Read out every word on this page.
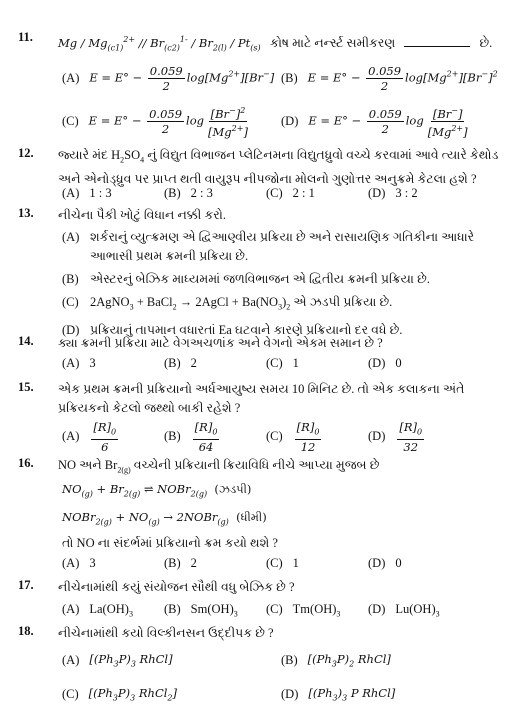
11. Mg / $Mg_{(c1)}^{2+} // Br_{(c2)}^{1-} / Br_{2(l)} / Pt_{(s)}$   કોષ માટે નર્ન્સ્ટ સમીકરણ	છે.
(A) $E = E^\circ - \frac{0.059}{2} \log[Mg^{2+}][Br^-]$ (B) $E = E^\circ - \frac{0.059}{2} \log[Mg^{2+}][Br^-]^2$
(C) $E = E^\circ - \frac{0.059}{2}$ $\log \frac{[Br^-]^2}{[Mg^{2+}]} (D) E = E^\circ - \frac{0.059}{2}$ $\log \frac{[Br^-]}{[Mg^{2+}]}$
12. જ્યારે મંદ $H_2SO_4$ નું વિદ્યુત વિભાજન પ્લેટિનમના વિદ્યુતધ્રુવો વચ્ચે કરવામાં આવે ત્યારે કેથોડ અને એનોડ્ધ્રુવ પર પ્રાપ્ત થતી વાયુરૂપ નીપજોના મોલનો ગુણોત્તર અનુક્રમે કેટલા હશે ?
(A) 1 : 3	(B) 2 : 3	(C) 2 : 1	(D) 3 : 2
13. નીચેના પૈકી ખોટું વિધાન નક્કી કરો.
(A) શર્કરાનું વ્યુત્ક્રમણ એ દ્વિઆણ્વીય પ્રક્રિયા છે અને રાસાયણિક ગતિકીના આધારે આભાસી પ્રથમ ક્રમની પ્રક્રિયા છે.
(B) એસ્ટરનું બેઝિક માધ્યમમાં જળવિભાજન એ દ્વિતીય ક્રમની પ્રક્રિયા છે.
(C) 2AgNO$_3$ + BaCl$_2$ → 2AgCl + $Ba(NO_3)_2$ એ ઝડપી પ્રક્રિયા છે.
(D) પ્રક્રિયાનું તાપમાન વધારતાં Ea ઘટવાને કારણે પ્રક્રિયાનો દર વધે છે.
14. ક્યા ક્રમની પ્રક્રિયા માટે વેગઅચળાંક અને વેગનો એકમ સમાન છે ?
(A) 3	(B) 2	(C) 1	(D) 0
15. એક પ્રથમ ક્રમની પ્રક્રિયાનો અર્ધઆયુષ્ય સમય 10 મિનિટ છે. તો એક કલાકના અંતે પ્રક્રિયકનો કેટલો જથ્થો બાકી રહેશે ?
$(A) \frac{[R]_0}{6}$	$(B) \frac{[R]_0}{64}$	$(C) \frac{[R]_0}{12}$	$(D) \frac{[R]_0}{32}$
16. NO અને $Br_{2(g)}$ વચ્ચેની પ્રક્રિયાની ક્રિયાવિધિ નીચે આપ્યા મુજબ છે
$NO_{(g)} + Br_{2(g)}$ ⇌ NOBr$_{2(g)}$ (ઝડપી)
NOBr$_{2(g)}$ + $NO_{(g)}$ → 2NOBr$_{(g)}$ (ધીમી)
તો NO ના સંદર્ભમાં પ્રક્રિયાનો ક્રમ કયો થશે ?
(A) 3	(B) 2	(C) 1	(D) 0
17. નીચેનામાંથી કયું સંયોજન સૌથી વધુ બેઝિક છે ?
(A) $La(OH)_3$	(B) $Sm(OH)_3$	(C) $Tm(OH)_3$	(D) $Lu(OH)_3$
18. નીચેનામાંથી કયો વિલ્કીનસન ઉદ્દીપક છે ?
(A) [$(Ph_3P)_3$ RhCl]	(B) [$(Ph_3P)_2$ RhCl]
(C) [$(Ph_3P)_3$ RhCl$_2$]	(D) [$(Ph_3)_3$ P RhCl]
